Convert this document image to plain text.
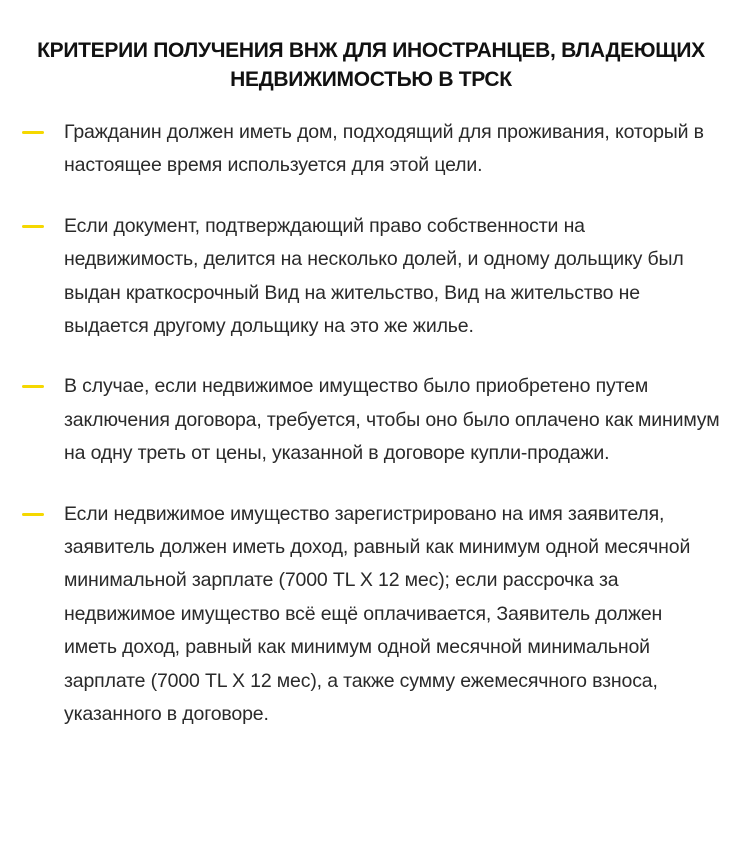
КРИТЕРИИ ПОЛУЧЕНИЯ ВНЖ ДЛЯ ИНОСТРАНЦЕВ, ВЛАДЕЮЩИХ НЕДВИЖИМОСТЬЮ В ТРСК
Гражданин должен иметь дом, подходящий для проживания, который в настоящее время используется для этой цели.
Если документ, подтверждающий право собственности на недвижимость, делится на несколько долей, и одному дольщику был выдан краткосрочный Вид на жительство, Вид на жительство не выдается другому дольщику на это же жилье.
В случае, если недвижимое имущество было приобретено путем заключения договора, требуется, чтобы оно было оплачено как минимум на одну треть от цены, указанной в договоре купли-продажи.
Если недвижимое имущество зарегистрировано на имя заявителя, заявитель должен иметь доход, равный как минимум одной месячной минимальной зарплате (7000 TL X 12 мес); если рассрочка за недвижимое имущество всё ещё оплачивается, Заявитель должен иметь доход, равный как минимум одной месячной минимальной зарплате (7000 TL X 12 мес), а также сумму ежемесячного взноса, указанного в договоре.
